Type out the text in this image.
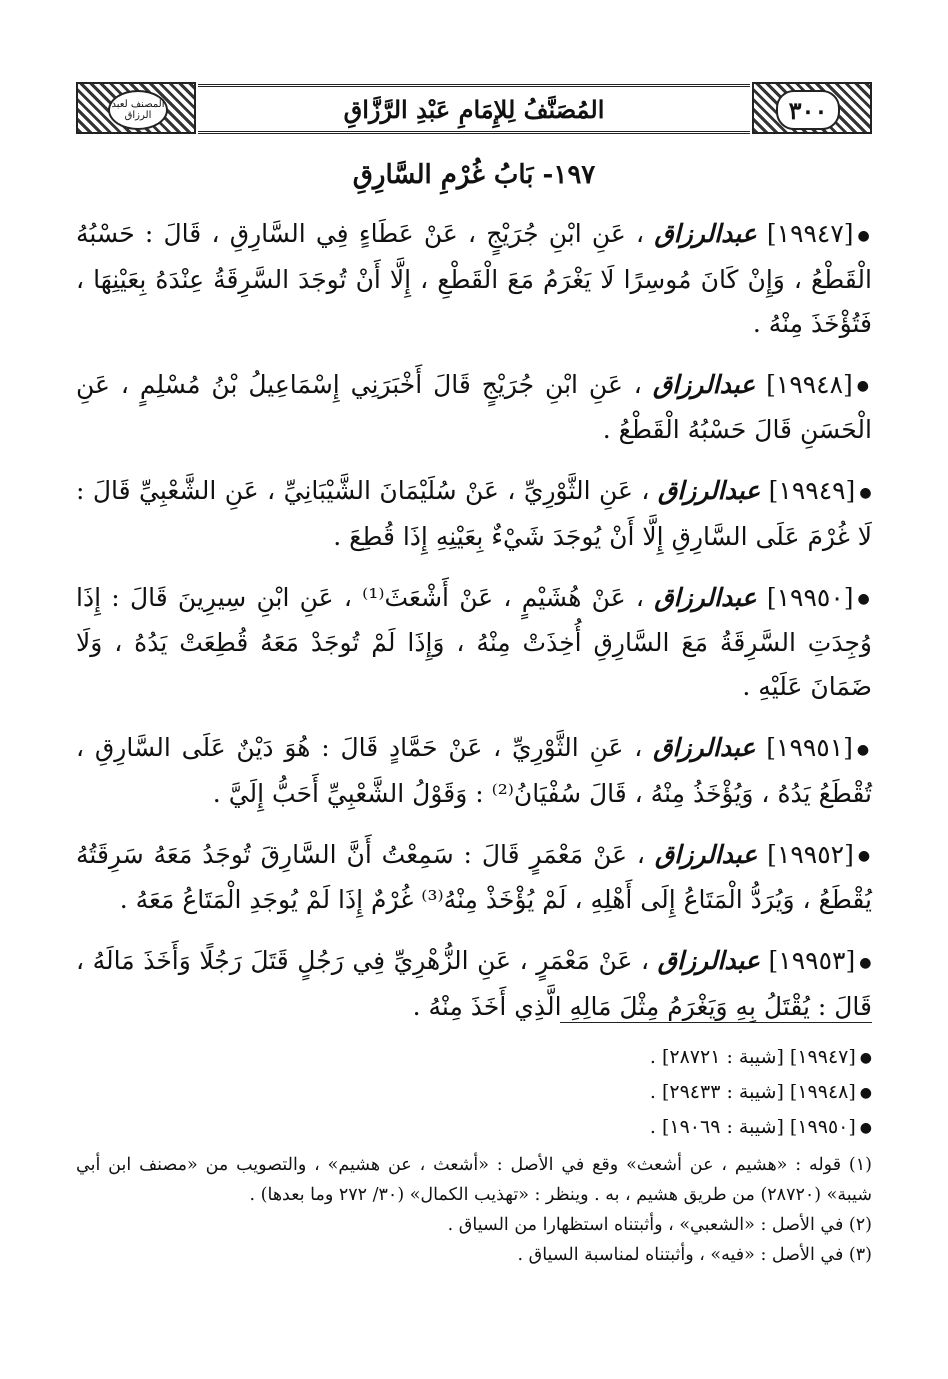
المصنف لعبد الرزاق	المُصَنَّفُ لِلإِمَامِ عَبْدِ الرَّزَّاقِ	٣٠٠
١٩٧- بَابُ غُرْمِ السَّارِقِ

●[١٩٩٤٧] عبدالرزاق ، عَنِ ابْنِ جُرَيْجٍ ، عَنْ عَطَاءٍ فِي السَّارِقِ ، قَالَ : حَسْبُهُ الْقَطْعُ ، وَإِنْ كَانَ مُوسِرًا لَا يَغْرَمُ مَعَ الْقَطْعِ ، إِلَّا أَنْ تُوجَدَ السَّرِقَةُ عِنْدَهُ بِعَيْنِهَا ، فَتُؤْخَذَ مِنْهُ .

●[١٩٩٤٨] عبدالرزاق ، عَنِ ابْنِ جُرَيْجٍ قَالَ أَخْبَرَنِي إِسْمَاعِيلُ بْنُ مُسْلِمٍ ، عَنِ الْحَسَنِ قَالَ حَسْبُهُ الْقَطْعُ .

●[١٩٩٤٩] عبدالرزاق ، عَنِ الثَّوْرِيِّ ، عَنْ سُلَيْمَانَ الشَّيْبَانِيِّ ، عَنِ الشَّعْبِيِّ قَالَ : لَا غُرْمَ عَلَى السَّارِقِ إِلَّا أَنْ يُوجَدَ شَيْءٌ بِعَيْنِهِ إِذَا قُطِعَ .

●[١٩٩٥٠] عبدالرزاق ، عَنْ هُشَيْمٍ ، عَنْ أَشْعَثَ⁽¹⁾ ، عَنِ ابْنِ سِيرِينَ قَالَ : إِذَا وُجِدَتِ السَّرِقَةُ مَعَ السَّارِقِ أُخِذَتْ مِنْهُ ، وَإِذَا لَمْ تُوجَدْ مَعَهُ قُطِعَتْ يَدُهُ ، وَلَا ضَمَانَ عَلَيْهِ .

●[١٩٩٥١] عبدالرزاق ، عَنِ الثَّوْرِيِّ ، عَنْ حَمَّادٍ قَالَ : هُوَ دَيْنٌ عَلَى السَّارِقِ ، تُقْطَعُ يَدُهُ ، وَيُؤْخَذُ مِنْهُ ، قَالَ سُفْيَانُ⁽²⁾ : وَقَوْلُ الشَّعْبِيِّ أَحَبُّ إِلَيَّ .

●[١٩٩٥٢] عبدالرزاق ، عَنْ مَعْمَرٍ قَالَ : سَمِعْتُ أَنَّ السَّارِقَ تُوجَدُ مَعَهُ سَرِقَتُهُ يُقْطَعُ ، وَيُرَدُّ الْمَتَاعُ إِلَى أَهْلِهِ ، لَمْ يُؤْخَذْ مِنْهُ⁽³⁾ غُرْمٌ إِذَا لَمْ يُوجَدِ الْمَتَاعُ مَعَهُ .

●[١٩٩٥٣] عبدالرزاق ، عَنْ مَعْمَرٍ ، عَنِ الزُّهْرِيِّ فِي رَجُلٍ قَتَلَ رَجُلًا وَأَخَذَ مَالَهُ ، قَالَ : يُقْتَلُ بِهِ وَيَغْرَمُ مِثْلَ مَالِهِ الَّذِي أَخَذَ مِنْهُ .

●[١٩٩٤٧] [شيبة : ٢٨٧٢١] .
●[١٩٩٤٨] [شيبة : ٢٩٤٣٣] .
●[١٩٩٥٠] [شيبة : ١٩٠٦٩] .
(١) قوله : «هشيم ، عن أشعث» وقع في الأصل : «أشعث ، عن هشيم» ، والتصويب من «مصنف ابن أبي شيبة» (٢٨٧٢٠) من طريق هشيم ، به . وينظر : «تهذيب الكمال» (٣٠/ ٢٧٢ وما بعدها) .
(٢) في الأصل : «الشعبي» ، وأثبتناه استظهارا من السياق .
(٣) في الأصل : «فيه» ، وأثبتناه لمناسبة السياق .
